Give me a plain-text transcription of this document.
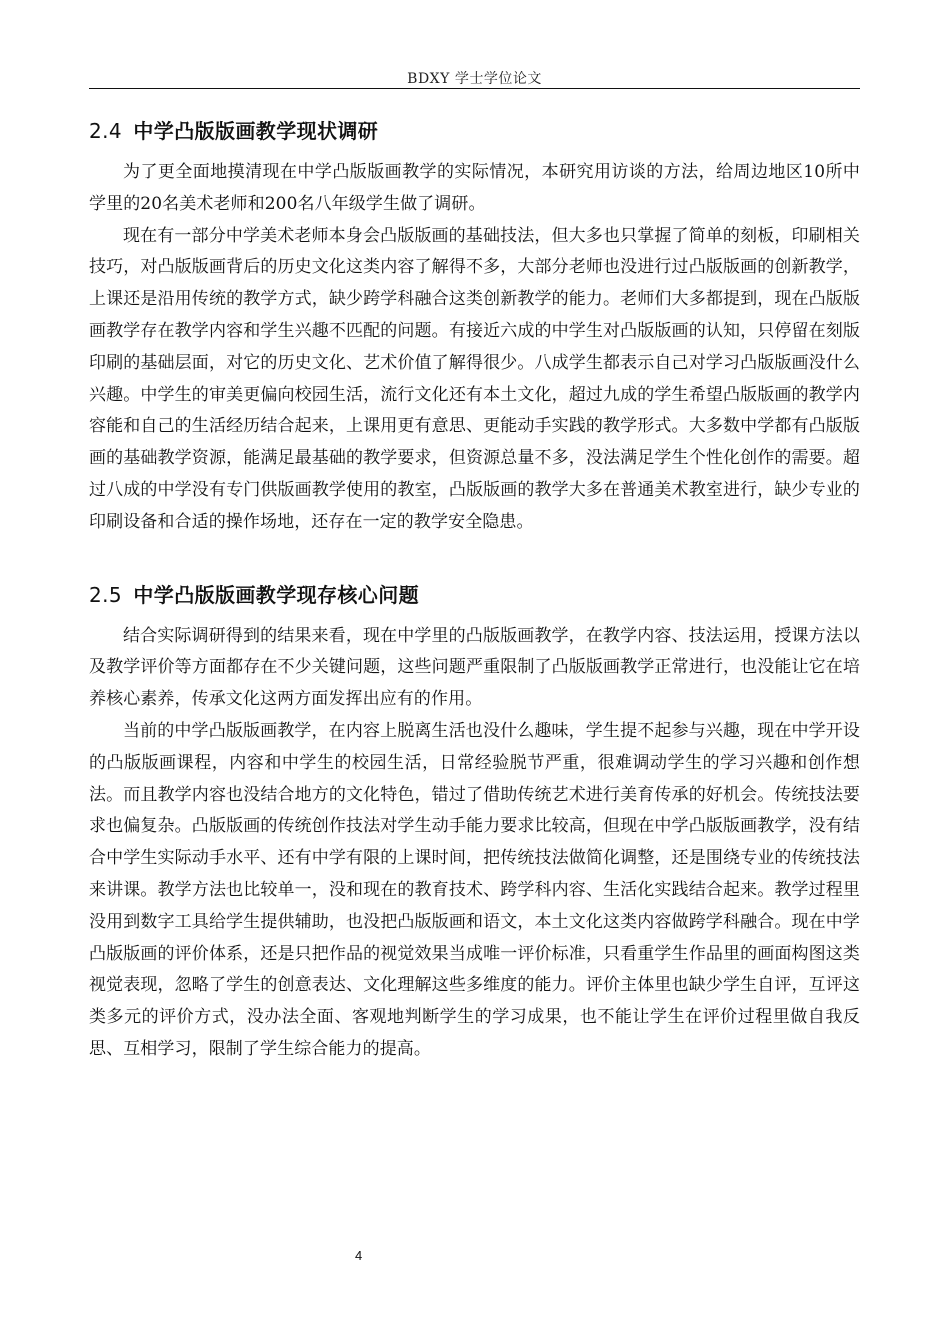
BDXY 学士学位论文
2.4 中学凸版版画教学现状调研

为了更全面地摸清现在中学凸版版画教学的实际情况，本研究用访谈的方法，给周边地区10所中学里的20名美术老师和200名八年级学生做了调研。

现在有一部分中学美术老师本身会凸版版画的基础技法，但大多也只掌握了简单的刻板，印刷相关技巧，对凸版版画背后的历史文化这类内容了解得不多，大部分老师也没进行过凸版版画的创新教学，上课还是沿用传统的教学方式，缺少跨学科融合这类创新教学的能力。老师们大多都提到，现在凸版版画教学存在教学内容和学生兴趣不匹配的问题。有接近六成的中学生对凸版版画的认知，只停留在刻版印刷的基础层面，对它的历史文化、艺术价值了解得很少。八成学生都表示自己对学习凸版版画没什么兴趣。中学生的审美更偏向校园生活，流行文化还有本土文化，超过九成的学生希望凸版版画的教学内容能和自己的生活经历结合起来，上课用更有意思、更能动手实践的教学形式。大多数中学都有凸版版画的基础教学资源，能满足最基础的教学要求，但资源总量不多，没法满足学生个性化创作的需要。超过八成的中学没有专门供版画教学使用的教室，凸版版画的教学大多在普通美术教室进行，缺少专业的印刷设备和合适的操作场地，还存在一定的教学安全隐患。

2.5 中学凸版版画教学现存核心问题

结合实际调研得到的结果来看，现在中学里的凸版版画教学，在教学内容、技法运用，授课方法以及教学评价等方面都存在不少关键问题，这些问题严重限制了凸版版画教学正常进行，也没能让它在培养核心素养，传承文化这两方面发挥出应有的作用。

当前的中学凸版版画教学，在内容上脱离生活也没什么趣味，学生提不起参与兴趣，现在中学开设的凸版版画课程，内容和中学生的校园生活，日常经验脱节严重，很难调动学生的学习兴趣和创作想法。而且教学内容也没结合地方的文化特色，错过了借助传统艺术进行美育传承的好机会。传统技法要求也偏复杂。凸版版画的传统创作技法对学生动手能力要求比较高，但现在中学凸版版画教学，没有结合中学生实际动手水平、还有中学有限的上课时间，把传统技法做简化调整，还是围绕专业的传统技法来讲课。教学方法也比较单一，没和现在的教育技术、跨学科内容、生活化实践结合起来。教学过程里没用到数字工具给学生提供辅助，也没把凸版版画和语文，本土文化这类内容做跨学科融合。现在中学凸版版画的评价体系，还是只把作品的视觉效果当成唯一评价标准，只看重学生作品里的画面构图这类视觉表现，忽略了学生的创意表达、文化理解这些多维度的能力。评价主体里也缺少学生自评，互评这类多元的评价方式，没办法全面、客观地判断学生的学习成果，也不能让学生在评价过程里做自我反思、互相学习，限制了学生综合能力的提高。

4
